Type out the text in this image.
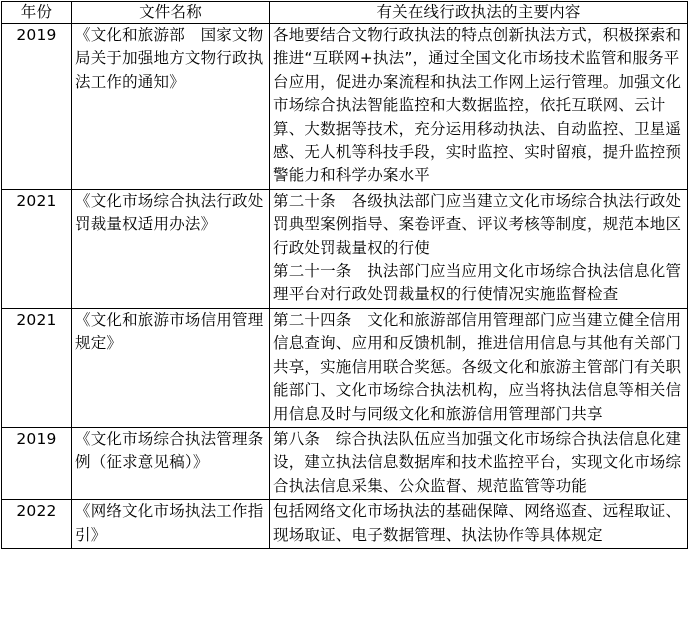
年份	文件名称	有关在线行政执法的主要内容
2019	《文化和旅游部　国家文物局关于加强地方文物行政执法工作的通知》	各地要结合文物行政执法的特点创新执法方式，积极探索和推进“互联网+执法”，通过全国文化市场技术监管和服务平台应用，促进办案流程和执法工作网上运行管理。加强文化市场综合执法智能监控和大数据监控，依托互联网、云计算、大数据等技术，充分运用移动执法、自动监控、卫星遥感、无人机等科技手段，实时监控、实时留痕，提升监控预警能力和科学办案水平

2021	《文化市场综合执法行政处罚裁量权适用办法》	第二十条　各级执法部门应当建立文化市场综合执法行政处罚典型案例指导、案卷评查、评议考核等制度，规范本地区行政处罚裁量权的行使
第二十一条　执法部门应当应用文化市场综合执法信息化管理平台对行政处罚裁量权的行使情况实施监督检查

2021	《文化和旅游市场信用管理规定》	第二十四条　文化和旅游部信用管理部门应当建立健全信用信息查询、应用和反馈机制，推进信用信息与其他有关部门共享，实施信用联合奖惩。各级文化和旅游主管部门有关职能部门、文化市场综合执法机构，应当将执法信息等相关信用信息及时与同级文化和旅游信用管理部门共享

2019	《文化市场综合执法管理条例（征求意见稿）》	第八条　综合执法队伍应当加强文化市场综合执法信息化建设，建立执法信息数据库和技术监控平台，实现文化市场综合执法信息采集、公众监督、规范监管等功能

2022	《网络文化市场执法工作指引》	包括网络文化市场执法的基础保障、网络巡查、远程取证、现场取证、电子数据管理、执法协作等具体规定
